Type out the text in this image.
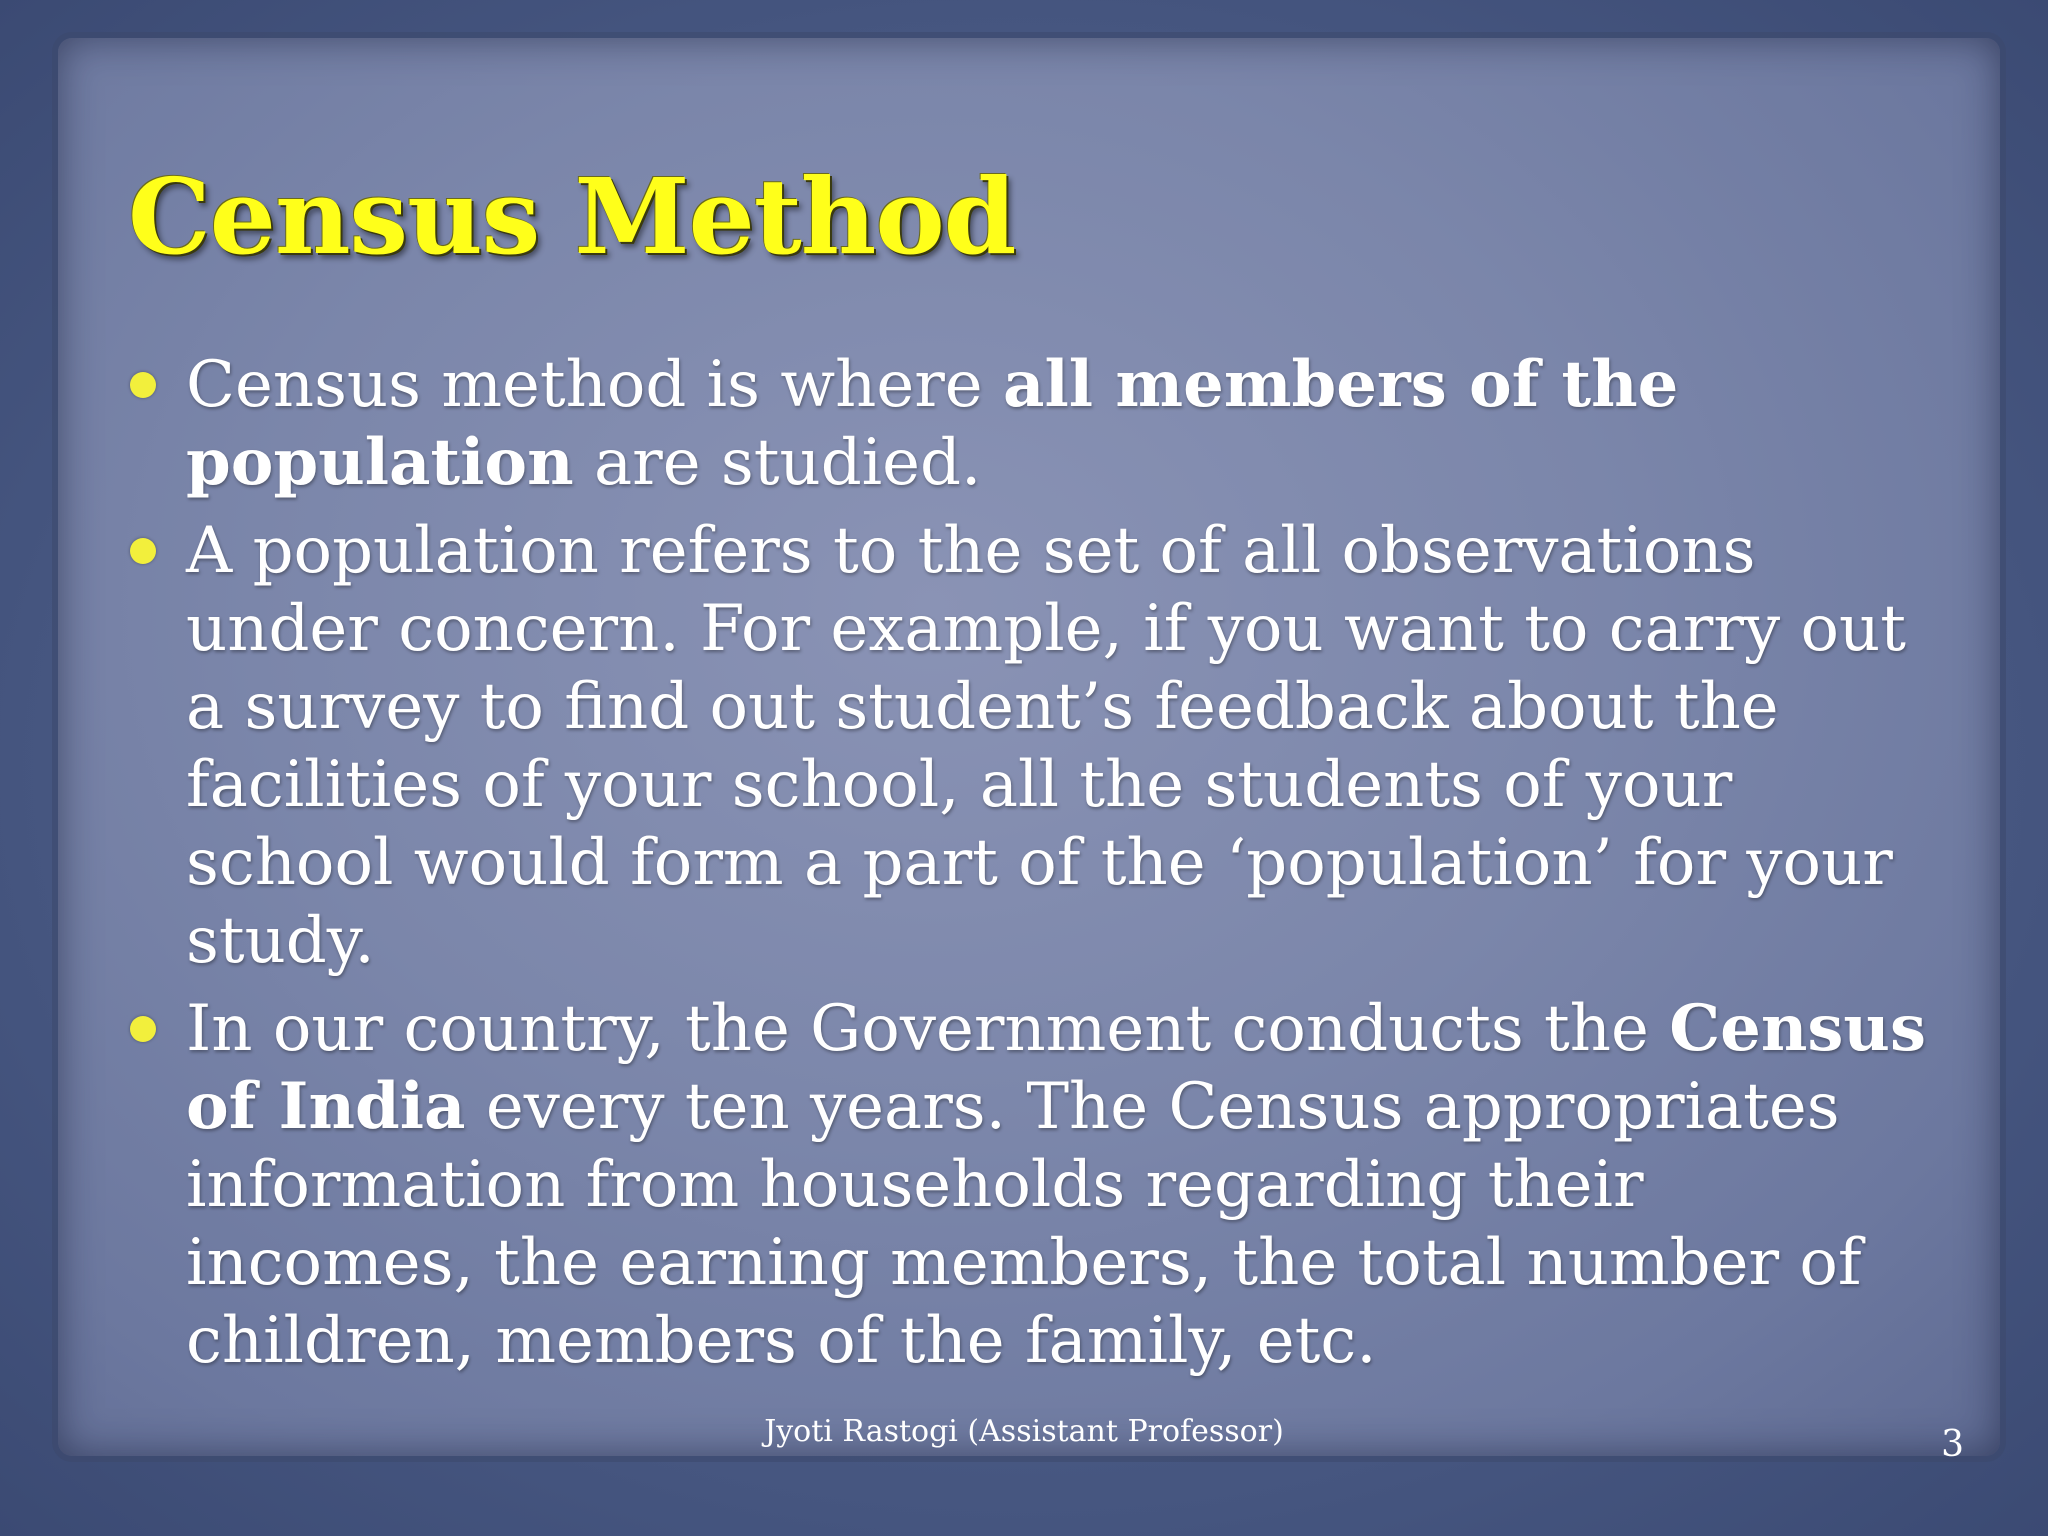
Census Method
Census method is where all members of the population are studied.
A population refers to the set of all observations under concern. For example, if you want to carry out a survey to find out student’s feedback about the facilities of your school, all the students of your school would form a part of the ‘population’ for your study.
In our country, the Government conducts the Census of India every ten years. The Census appropriates information from households regarding their incomes, the earning members, the total number of children, members of the family, etc.
Jyoti Rastogi (Assistant Professor)	3
